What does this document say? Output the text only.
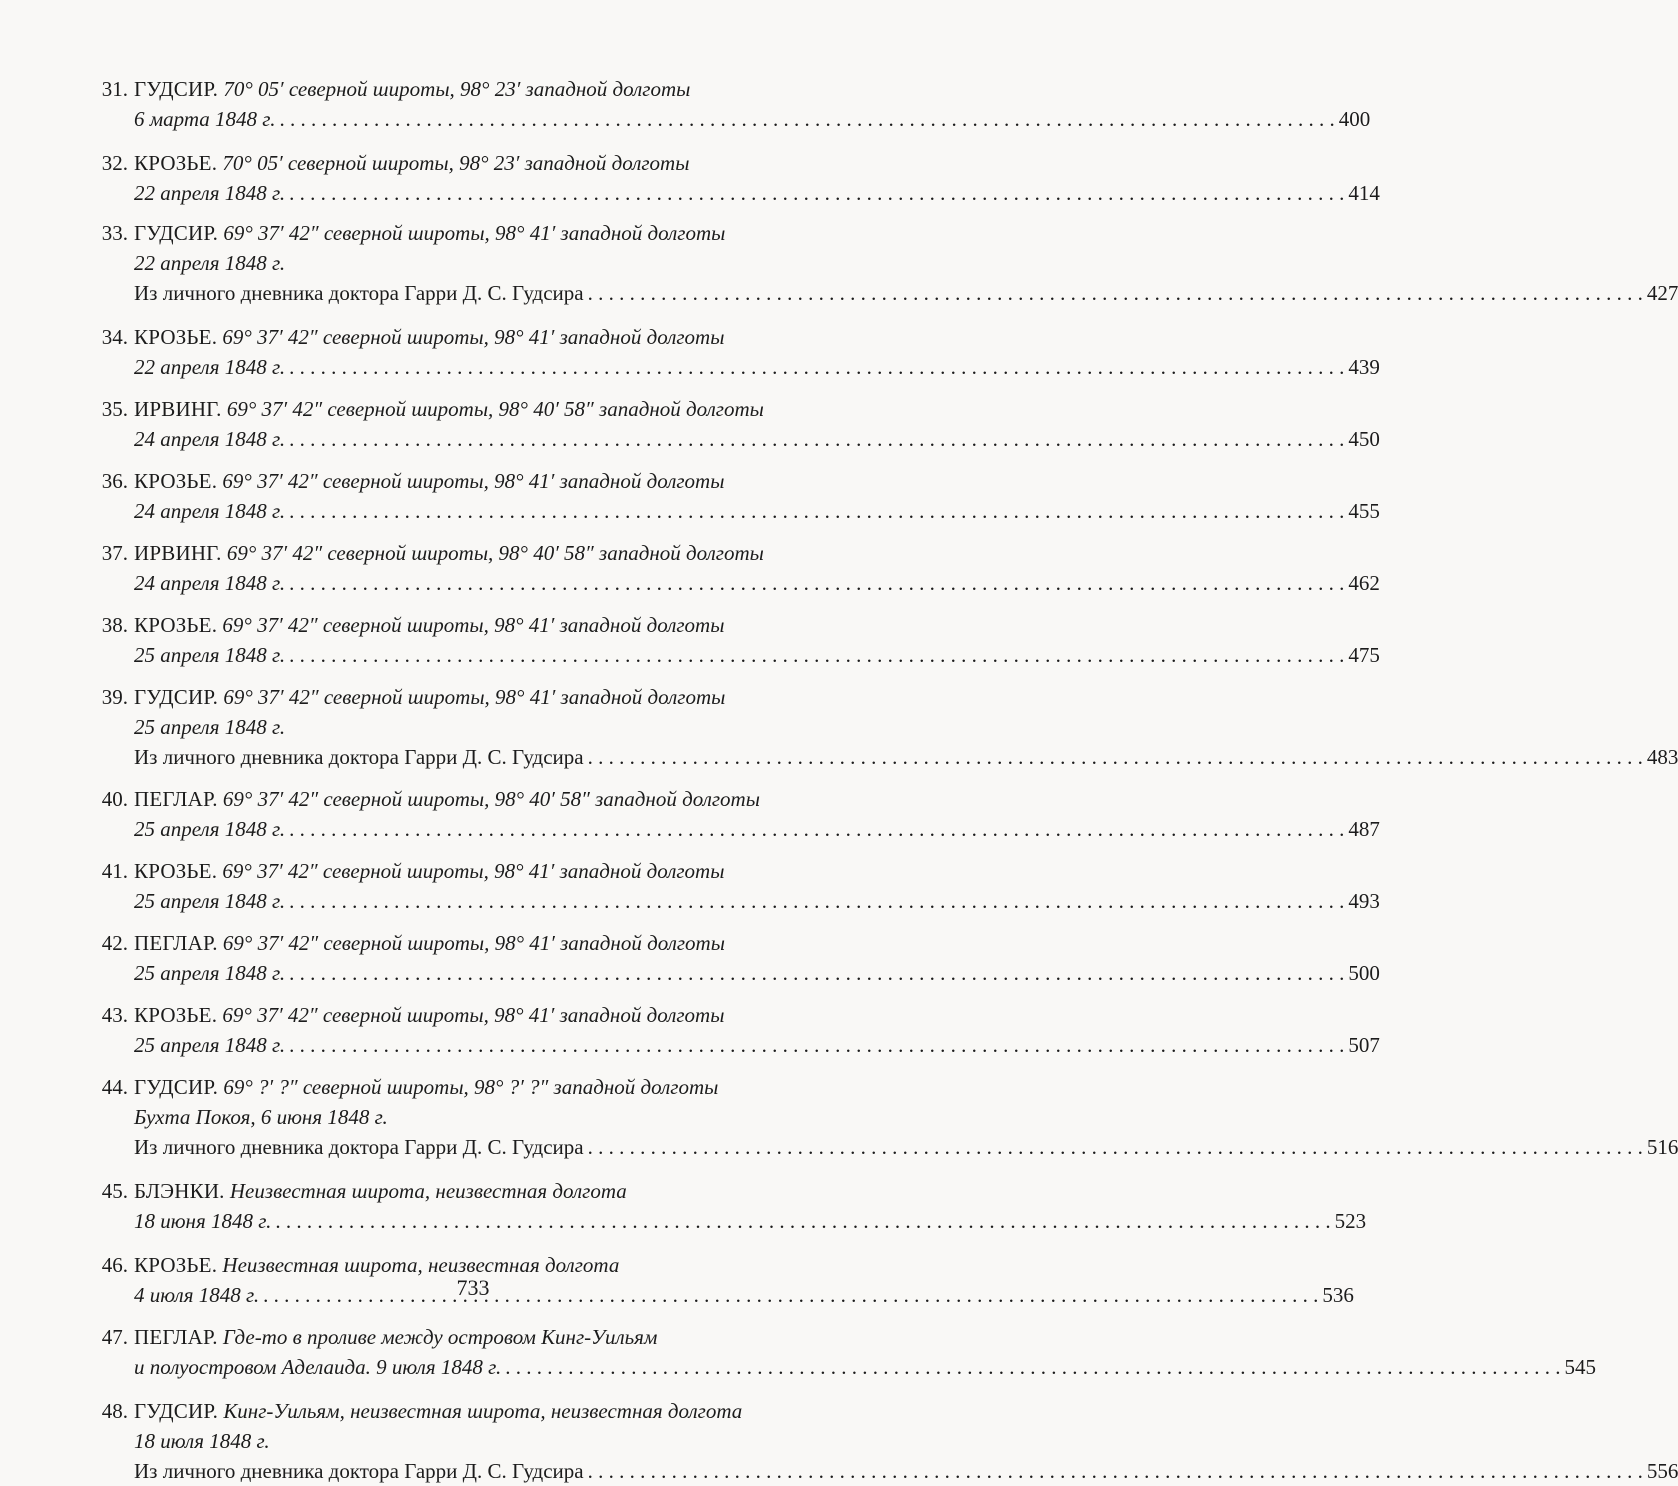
31. ГУДСИР. 70° 05′ северной широты, 98° 23′ западной долготы
6 марта 1848 г. . . .	400
32. КРОЗЬЕ. 70° 05′ северной широты, 98° 23′ западной долготы
22 апреля 1848 г. . . .	414
33. ГУДСИР. 69° 37′ 42″ северной широты, 98° 41′ западной долготы
22 апреля 1848 г.
Из личного дневника доктора Гарри Д. С. Гудсира . . .	427
34. КРОЗЬЕ. 69° 37′ 42″ северной широты, 98° 41′ западной долготы
22 апреля 1848 г. . . .	439
35. ИРВИНГ. 69° 37′ 42″ северной широты, 98° 40′ 58″ западной долготы
24 апреля 1848 г. . . .	450
36. КРОЗЬЕ. 69° 37′ 42″ северной широты, 98° 41′ западной долготы
24 апреля 1848 г. . . .	455
37. ИРВИНГ. 69° 37′ 42″ северной широты, 98° 40′ 58″ западной долготы
24 апреля 1848 г. . . .	462
38. КРОЗЬЕ. 69° 37′ 42″ северной широты, 98° 41′ западной долготы
25 апреля 1848 г. . . .	475
39. ГУДСИР. 69° 37′ 42″ северной широты, 98° 41′ западной долготы
25 апреля 1848 г.
Из личного дневника доктора Гарри Д. С. Гудсира . . .	483
40. ПЕГЛАР. 69° 37′ 42″ северной широты, 98° 40′ 58″ западной долготы
25 апреля 1848 г. . . .	487
41. КРОЗЬЕ. 69° 37′ 42″ северной широты, 98° 41′ западной долготы
25 апреля 1848 г. . . .	493
42. ПЕГЛАР. 69° 37′ 42″ северной широты, 98° 41′ западной долготы
25 апреля 1848 г. . . .	500
43. КРОЗЬЕ. 69° 37′ 42″ северной широты, 98° 41′ западной долготы
25 апреля 1848 г. . . .	507
44. ГУДСИР. 69° ?′ ?″ северной широты, 98° ?′ ?″ западной долготы
Бухта Покоя, 6 июня 1848 г.
Из личного дневника доктора Гарри Д. С. Гудсира . . .	516
45. БЛЭНКИ. Неизвестная широта, неизвестная долгота
18 июня 1848 г. . . .	523
46. КРОЗЬЕ. Неизвестная широта, неизвестная долгота
4 июля 1848 г. . . .	536
47. ПЕГЛАР. Где-то в проливе между островом Кинг-Уильям
и полуостровом Аделаида. 9 июля 1848 г. . . .	545
48. ГУДСИР. Кинг-Уильям, неизвестная широта, неизвестная долгота
18 июля 1848 г.
Из личного дневника доктора Гарри Д. С. Гудсира . . .	556
733
